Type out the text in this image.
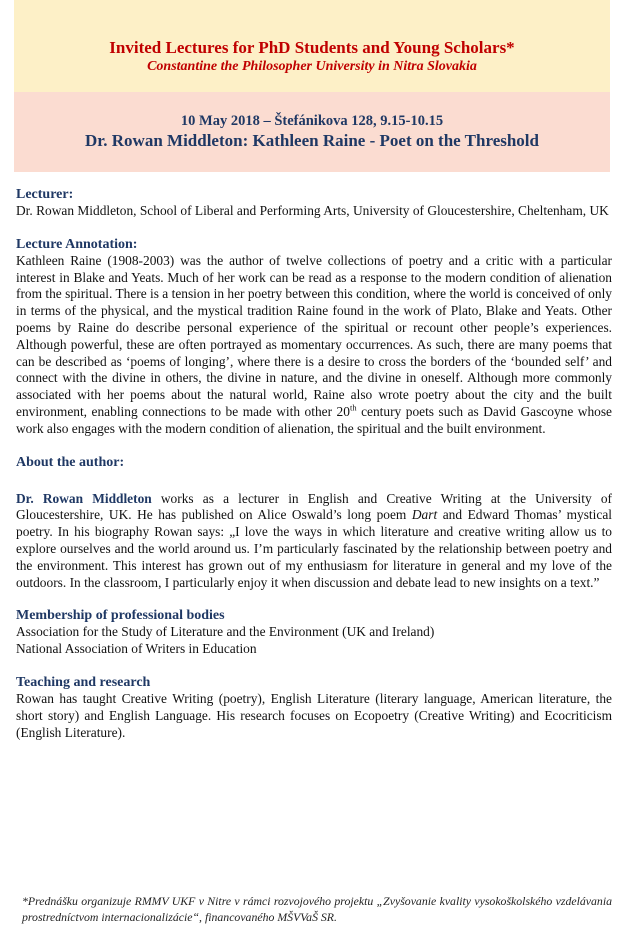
Invited Lectures for PhD Students and Young Scholars*
Constantine the Philosopher University in Nitra Slovakia
10 May 2018 – Štefánikova 128, 9.15-10.15
Dr. Rowan Middleton: Kathleen Raine - Poet on the Threshold
Lecturer:
Dr. Rowan Middleton, School of Liberal and Performing Arts, University of Gloucestershire, Cheltenham, UK
Lecture Annotation:
Kathleen Raine (1908-2003) was the author of twelve collections of poetry and a critic with a particular interest in Blake and Yeats. Much of her work can be read as a response to the modern condition of alienation from the spiritual. There is a tension in her poetry between this condition, where the world is conceived of only in terms of the physical, and the mystical tradition Raine found in the work of Plato, Blake and Yeats. Other poems by Raine do describe personal experience of the spiritual or recount other people’s experiences. Although powerful, these are often portrayed as momentary occurrences. As such, there are many poems that can be described as ‘poems of longing’, where there is a desire to cross the borders of the ‘bounded self’ and connect with the divine in others, the divine in nature, and the divine in oneself. Although more commonly associated with her poems about the natural world, Raine also wrote poetry about the city and the built environment, enabling connections to be made with other 20th century poets such as David Gascoyne whose work also engages with the modern condition of alienation, the spiritual and the built environment.
About the author:
Dr. Rowan Middleton works as a lecturer in English and Creative Writing at the University of Gloucestershire, UK. He has published on Alice Oswald’s long poem Dart and Edward Thomas’ mystical poetry. In his biography Rowan says: „I love the ways in which literature and creative writing allow us to explore ourselves and the world around us. I’m particularly fascinated by the relationship between poetry and the environment. This interest has grown out of my enthusiasm for literature in general and my love of the outdoors. In the classroom, I particularly enjoy it when discussion and debate lead to new insights on a text.”
Membership of professional bodies
Association for the Study of Literature and the Environment (UK and Ireland)
National Association of Writers in Education
Teaching and research
Rowan has taught Creative Writing (poetry), English Literature (literary language, American literature, the short story) and English Language. His research focuses on Ecopoetry (Creative Writing) and Ecocriticism (English Literature).
*Prednášku organizuje RMMV UKF v Nitre v rámci rozvojového projektu „Zvyšovanie kvality vysokoškolského vzdelávania prostredníctvom internacionalizácie“, financovaného MŠVVaŠ SR.
